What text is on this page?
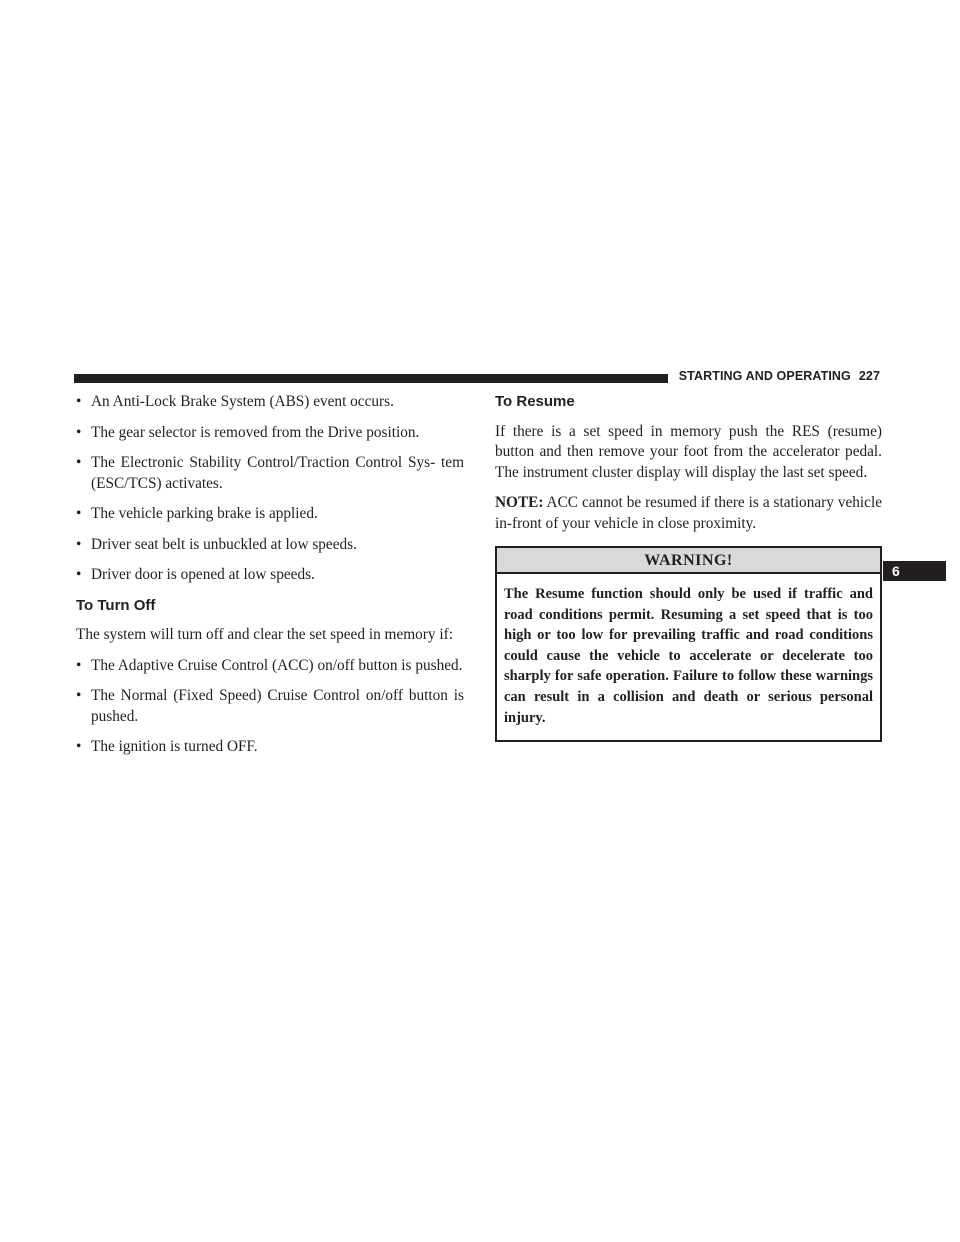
STARTING AND OPERATING 227
6
• An Anti-Lock Brake System (ABS) event occurs.
• The gear selector is removed from the Drive position.
• The Electronic Stability Control/Traction Control Sys- tem (ESC/TCS) activates.
• The vehicle parking brake is applied.
• Driver seat belt is unbuckled at low speeds.
• Driver door is opened at low speeds.
To Turn Off
The system will turn off and clear the set speed in memory if:
• The Adaptive Cruise Control (ACC) on/off button is pushed.
• The Normal (Fixed Speed) Cruise Control on/off button is pushed.
• The ignition is turned OFF.
To Resume
If there is a set speed in memory push the RES (resume) button and then remove your foot from the accelerator pedal. The instrument cluster display will display the last set speed.
NOTE: ACC cannot be resumed if there is a stationary vehicle in-front of your vehicle in close proximity.
WARNING!
The Resume function should only be used if traffic and road conditions permit. Resuming a set speed that is too high or too low for prevailing traffic and road conditions could cause the vehicle to accelerate or decelerate too sharply for safe operation. Failure to follow these warnings can result in a collision and death or serious personal injury.
